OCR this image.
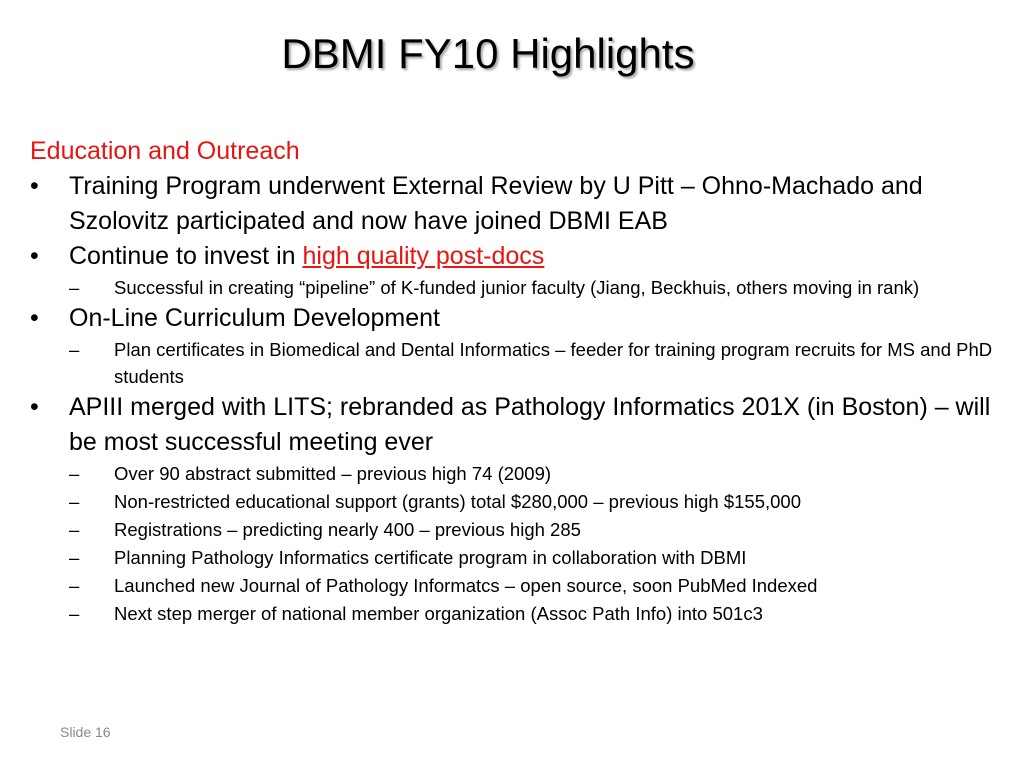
DBMI FY10 Highlights
Education and Outreach
•	Training Program underwent External Review by U Pitt – Ohno-Machado and Szolovitz participated and now have joined DBMI EAB
•	Continue to invest in high quality post-docs
–	Successful in creating “pipeline” of K-funded junior faculty (Jiang, Beckhuis, others moving in rank)
•	On-Line Curriculum Development
–	Plan certificates in Biomedical and Dental Informatics – feeder for training program recruits for MS and PhD students
•	APIII merged with LITS; rebranded as Pathology Informatics 201X (in Boston) – will be most successful meeting ever
–	Over 90 abstract submitted – previous high 74 (2009)
–	Non-restricted educational support (grants) total $280,000 – previous high $155,000
–	Registrations – predicting nearly 400 – previous high 285
–	Planning Pathology Informatics certificate program in collaboration with DBMI
–	Launched new Journal of Pathology Informatcs – open source, soon PubMed Indexed
–	Next step merger of national member organization (Assoc Path Info) into 501c3
Slide 16
